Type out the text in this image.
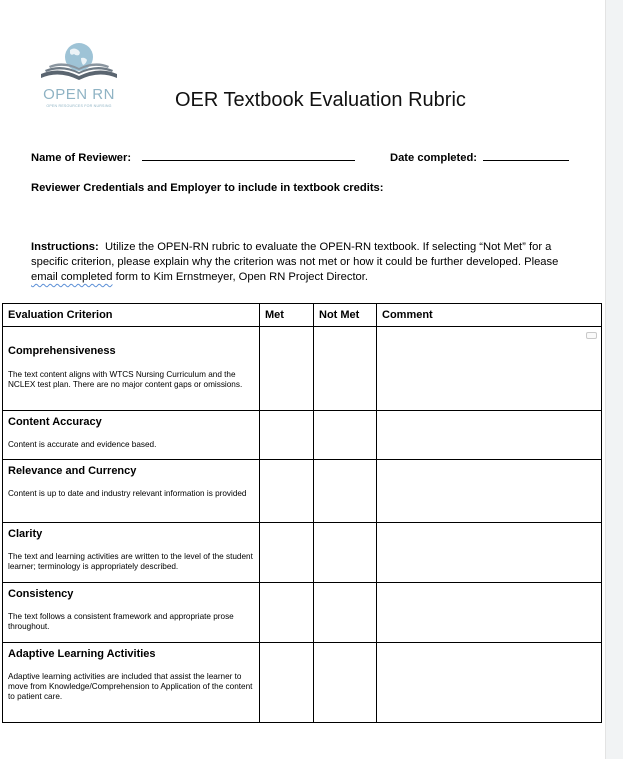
OPEN RN
OPEN RESOURCES FOR NURSING	OER Textbook Evaluation Rubric
Name of Reviewer:	Date completed:
Reviewer Credentials and Employer to include in textbook credits:
Instructions: Utilize the OPEN-RN rubric to evaluate the OPEN-RN textbook. If selecting “Not Met” for a specific criterion, please explain why the criterion was not met or how it could be further developed. Please email completed form to Kim Ernstmeyer, Open RN Project Director.
Evaluation Criterion	Met	Not Met	Comment

Comprehensiveness
The text content aligns with WTCS Nursing Curriculum and the NCLEX test plan. There are no major content gaps or omissions.			

Content Accuracy
Content is accurate and evidence based.			

Relevance and Currency
Content is up to date and industry relevant information is provided			

Clarity
The text and learning activities are written to the level of the student learner; terminology is appropriately described.			

Consistency
The text follows a consistent framework and appropriate prose throughout.			

Adaptive Learning Activities
Adaptive learning activities are included that assist the learner to move from Knowledge/Comprehension to Application of the content to patient care.			
